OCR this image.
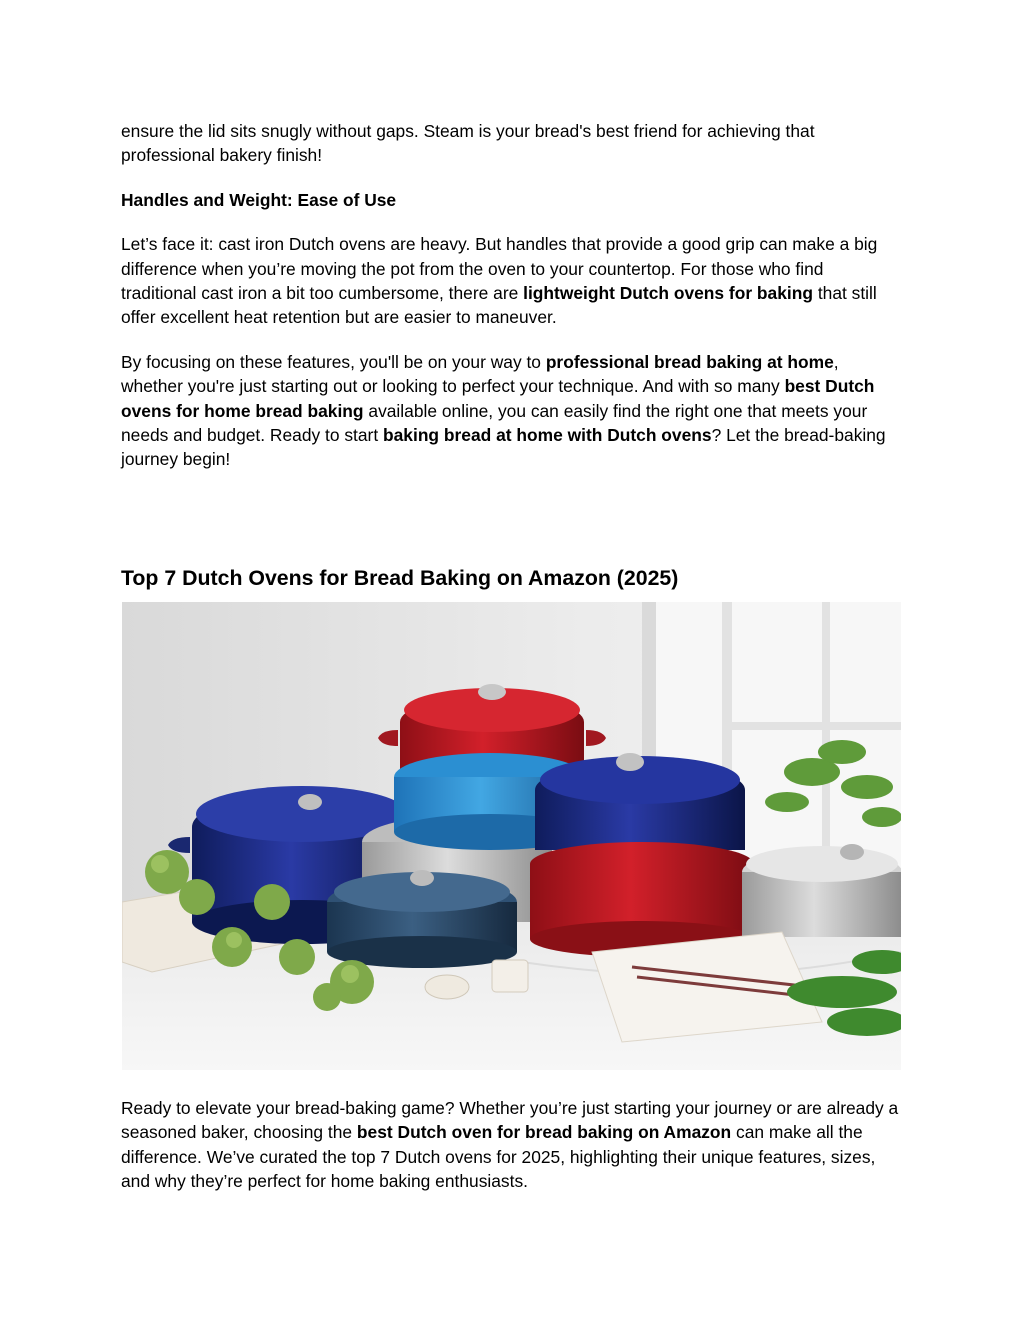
ensure the lid sits snugly without gaps. Steam is your bread's best friend for achieving that professional bakery finish!

Handles and Weight: Ease of Use

Let’s face it: cast iron Dutch ovens are heavy. But handles that provide a good grip can make a big difference when you’re moving the pot from the oven to your countertop. For those who find traditional cast iron a bit too cumbersome, there are lightweight Dutch ovens for baking that still offer excellent heat retention but are easier to maneuver.

By focusing on these features, you'll be on your way to professional bread baking at home, whether you're just starting out or looking to perfect your technique. And with so many best Dutch ovens for home bread baking available online, you can easily find the right one that meets your needs and budget. Ready to start baking bread at home with Dutch ovens? Let the bread-baking journey begin!

Top 7 Dutch Ovens for Bread Baking on Amazon (2025)

Ready to elevate your bread-baking game? Whether you’re just starting your journey or are already a seasoned baker, choosing the best Dutch oven for bread baking on Amazon can make all the difference. We’ve curated the top 7 Dutch ovens for 2025, highlighting their unique features, sizes, and why they’re perfect for home baking enthusiasts.
